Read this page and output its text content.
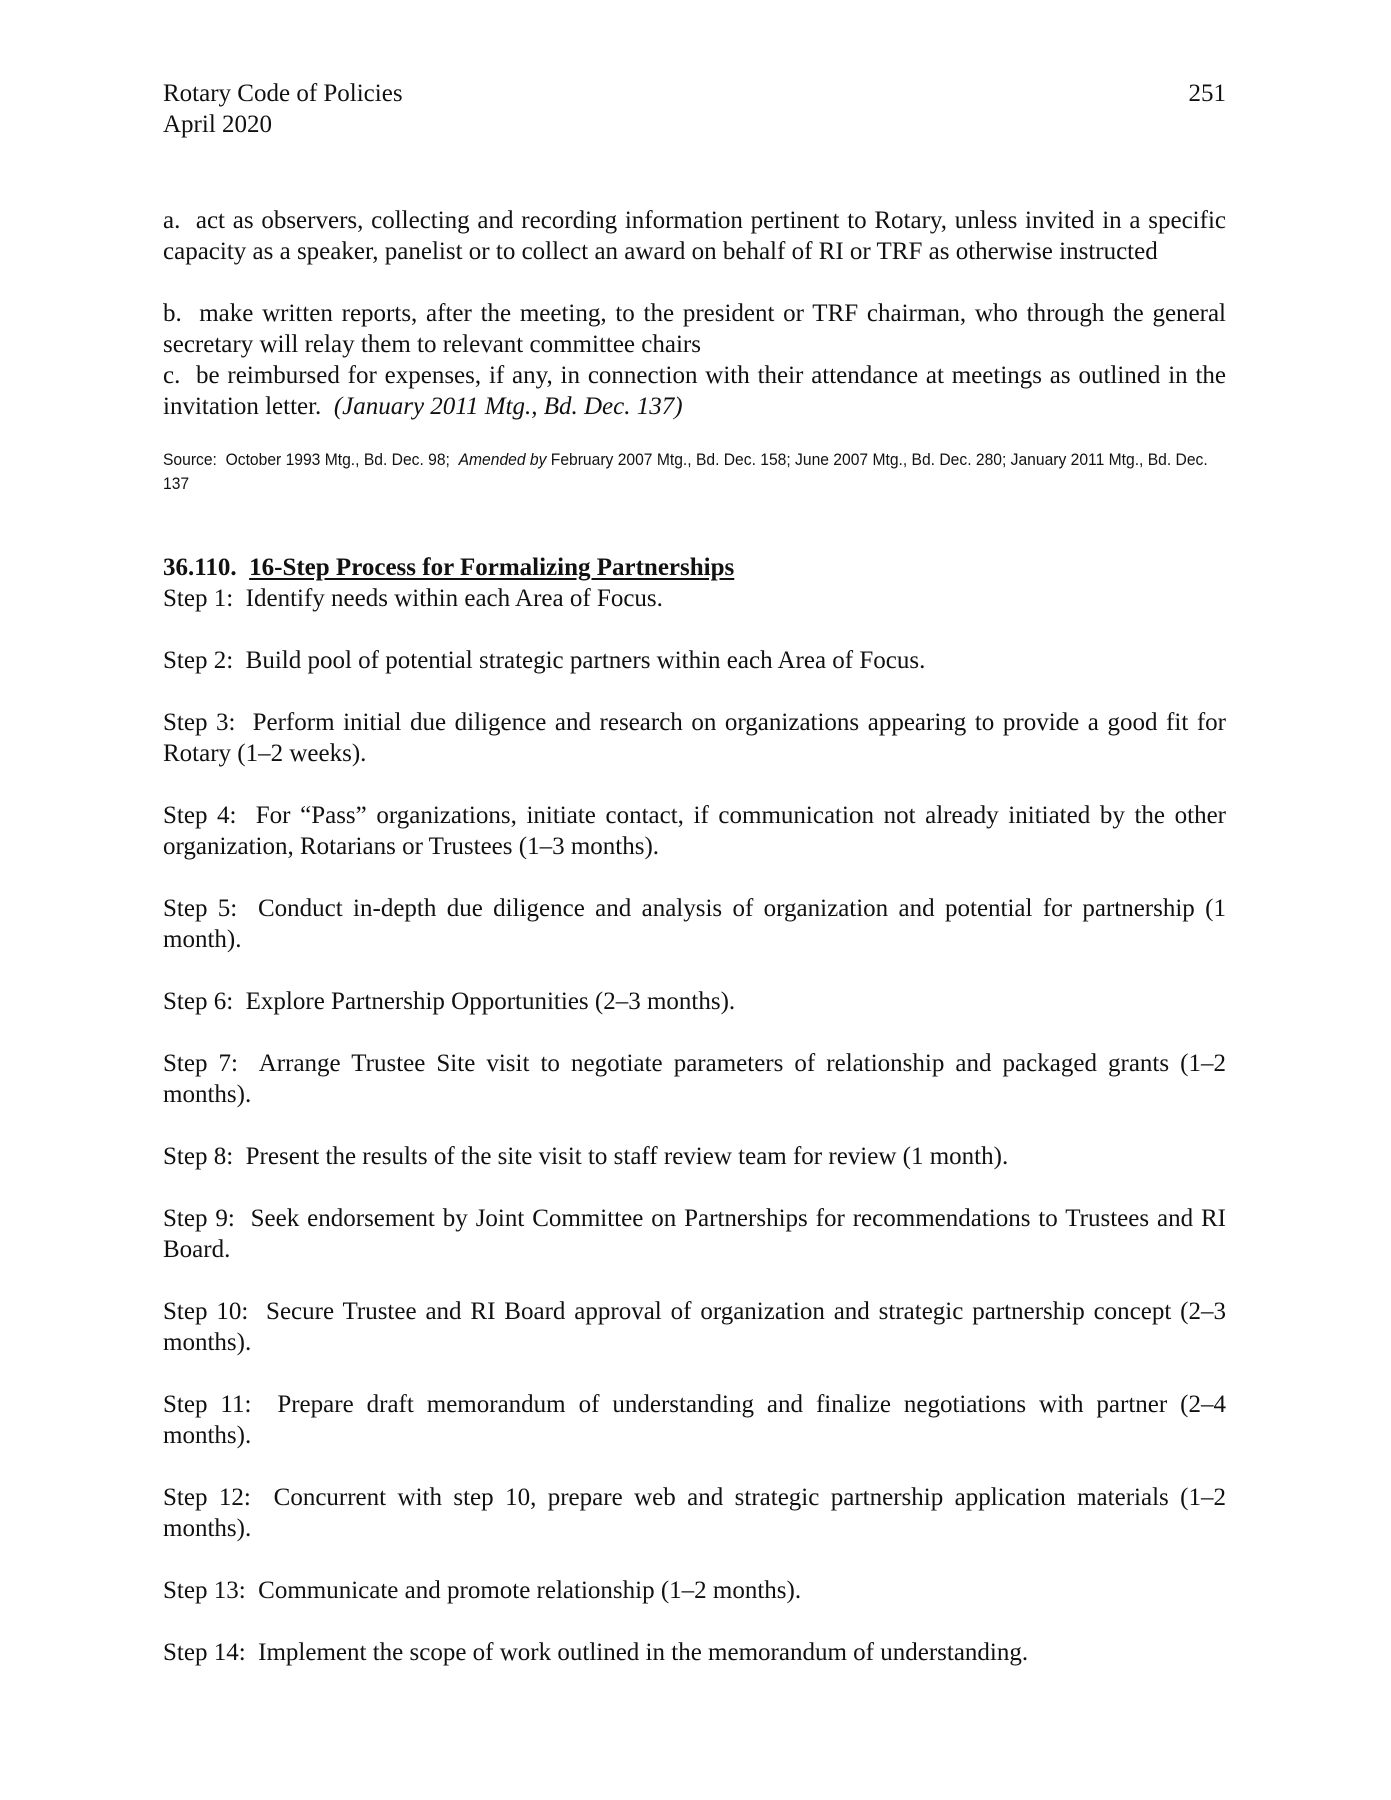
Rotary Code of Policies
April 2020
251
a. act as observers, collecting and recording information pertinent to Rotary, unless invited in a specific capacity as a speaker, panelist or to collect an award on behalf of RI or TRF as otherwise instructed
b. make written reports, after the meeting, to the president or TRF chairman, who through the general secretary will relay them to relevant committee chairs
c. be reimbursed for expenses, if any, in connection with their attendance at meetings as outlined in the invitation letter. (January 2011 Mtg., Bd. Dec. 137)
Source: October 1993 Mtg., Bd. Dec. 98; Amended by February 2007 Mtg., Bd. Dec. 158; June 2007 Mtg., Bd. Dec. 280; January 2011 Mtg., Bd. Dec. 137
36.110. 16-Step Process for Formalizing Partnerships
Step 1: Identify needs within each Area of Focus.
Step 2: Build pool of potential strategic partners within each Area of Focus.
Step 3: Perform initial due diligence and research on organizations appearing to provide a good fit for Rotary (1–2 weeks).
Step 4: For “Pass” organizations, initiate contact, if communication not already initiated by the other organization, Rotarians or Trustees (1–3 months).
Step 5: Conduct in-depth due diligence and analysis of organization and potential for partnership (1 month).
Step 6: Explore Partnership Opportunities (2–3 months).
Step 7: Arrange Trustee Site visit to negotiate parameters of relationship and packaged grants (1–2 months).
Step 8: Present the results of the site visit to staff review team for review (1 month).
Step 9: Seek endorsement by Joint Committee on Partnerships for recommendations to Trustees and RI Board.
Step 10: Secure Trustee and RI Board approval of organization and strategic partnership concept (2–3 months).
Step 11: Prepare draft memorandum of understanding and finalize negotiations with partner (2–4 months).
Step 12: Concurrent with step 10, prepare web and strategic partnership application materials (1–2 months).
Step 13: Communicate and promote relationship (1–2 months).
Step 14: Implement the scope of work outlined in the memorandum of understanding.
